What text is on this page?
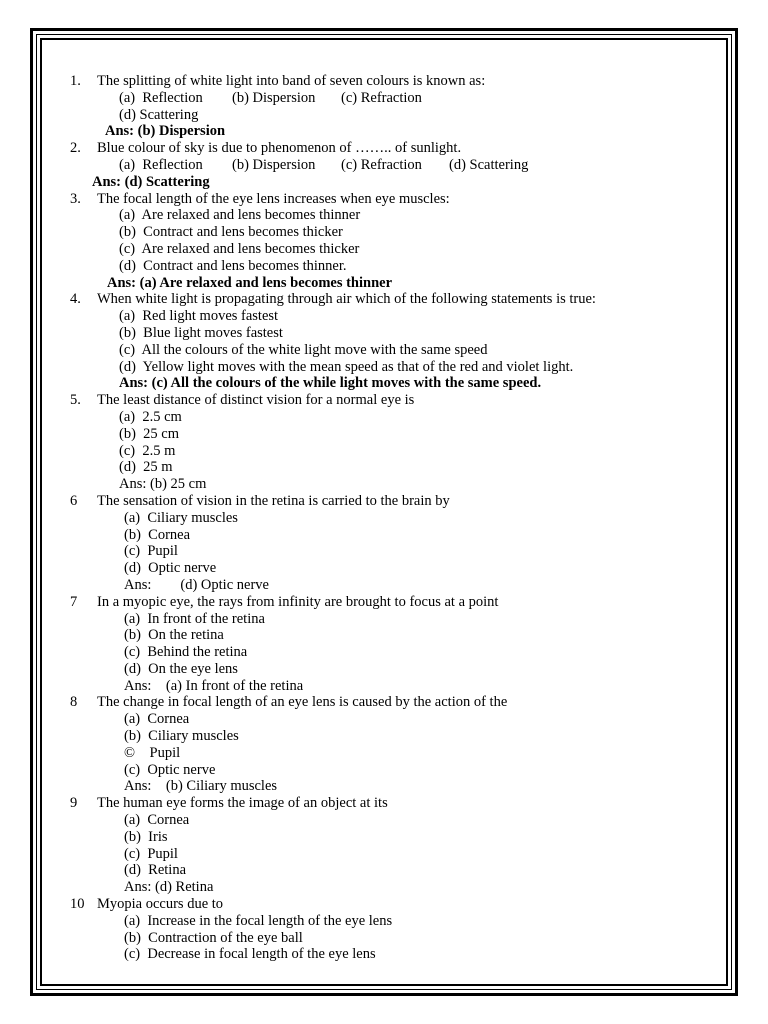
1.

The splitting of white light into band of seven colours is known as:

(a)  Reflection

(b) Dispersion

(c) Refraction

(d) Scattering

Ans: (b) Dispersion

2.

Blue colour of sky is due to phenomenon of …….. of sunlight.

(a)  Reflection

(b) Dispersion

(c) Refraction

(d) Scattering

Ans: (d) Scattering

3.

The focal length of the eye lens increases when eye muscles:

(a)  Are relaxed and lens becomes thinner
(b)  Contract and lens becomes thicker
(c)  Are relaxed and lens becomes thicker
(d)  Contract and lens becomes thinner.

Ans: (a) Are relaxed and lens becomes thinner

4.

When white light is propagating through air which of the following statements is true:

(a)  Red light moves fastest
(b)  Blue light moves fastest
(c)  All the colours of the white light move with the same speed
(d)  Yellow light moves with the mean speed as that of the red and violet light.

Ans: (c) All the colours of the while light moves with the same speed.

5.

The least distance of distinct vision for a normal eye is

(a)  2.5 cm
(b)  25 cm
(c)  2.5 m
(d)  25 m

Ans: (b) 25 cm

6

The sensation of vision in the retina is carried to the brain by

(a)  Ciliary muscles
(b)  Cornea
(c)  Pupil
(d)  Optic nerve

Ans:        (d) Optic nerve

7

In a myopic eye, the rays from infinity are brought to focus at a point

(a)  In front of the retina
(b)  On the retina
(c)  Behind the retina
(d)  On the eye lens

Ans:    (a) In front of the retina

8

The change in focal length of an eye lens is caused by the action of the

(a)  Cornea
(b)  Ciliary muscles
©    Pupil
(c)  Optic nerve

Ans:    (b) Ciliary muscles

9

The human eye forms the image of an object at its

(a)  Cornea
(b)  Iris
(c)  Pupil
(d)  Retina

Ans: (d) Retina

10

Myopia occurs due to

(a)  Increase in the focal length of the eye lens
(b)  Contraction of the eye ball
(c)  Decrease in focal length of the eye lens
